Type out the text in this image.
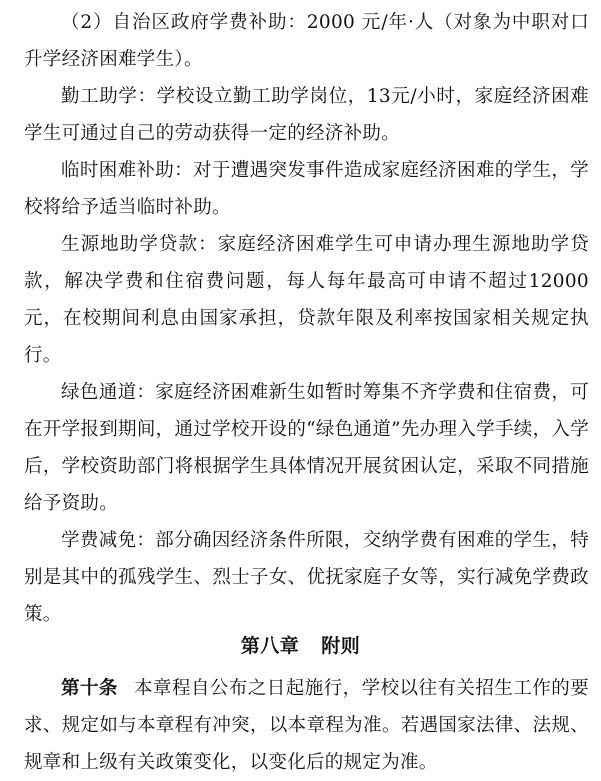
（2）自治区政府学费补助：2000 元/年·人（对象为中职对口升学经济困难学生）。

勤工助学：学校设立勤工助学岗位，13元/小时，家庭经济困难学生可通过自己的劳动获得一定的经济补助。

临时困难补助：对于遭遇突发事件造成家庭经济困难的学生，学校将给予适当临时补助。

生源地助学贷款：家庭经济困难学生可申请办理生源地助学贷款，解决学费和住宿费问题，每人每年最高可申请不超过12000元，在校期间利息由国家承担，贷款年限及利率按国家相关规定执行。

绿色通道：家庭经济困难新生如暂时筹集不齐学费和住宿费，可在开学报到期间，通过学校开设的“绿色通道”先办理入学手续，入学后，学校资助部门将根据学生具体情况开展贫困认定，采取不同措施给予资助。

学费减免：部分确因经济条件所限，交纳学费有困难的学生，特别是其中的孤残学生、烈士子女、优抚家庭子女等，实行减免学费政策。

第八章 附则

第十条 本章程自公布之日起施行，学校以往有关招生工作的要求、规定如与本章程有冲突，以本章程为准。若遇国家法律、法规、规章和上级有关政策变化，以变化后的规定为准。
